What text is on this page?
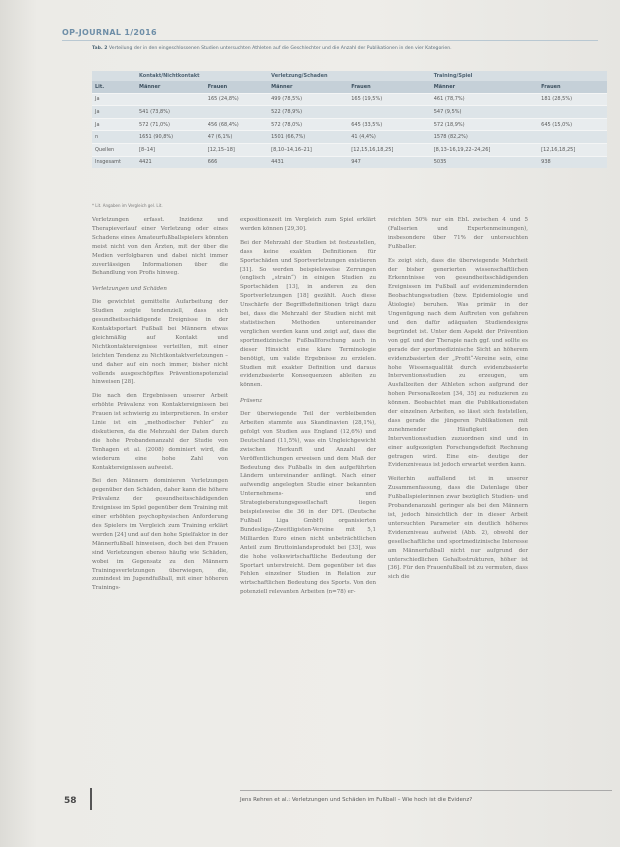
OP-JOURNAL 1/2016
Tab. 2 Verteilung der in den eingeschlossenen Studien untersuchten Athleten auf die Geschlechter und die Anzahl der Publikationen in den vier Kategorien.
	Kontakt/Nichtkontakt		Verletzung/Schaden		Training/Spiel	
Lit.	Männer	Frauen	Männer	Frauen	Männer	Frauen
Ja		165 (24,8%)	499 (78,5%)	165 (19,5%)	461 (78,7%)	181 (28,5%)
Ja	541 (73,8%)		522 (78,9%)		547 (9,5%)	
Ja	572 (71,0%)	456 (68,4%)	572 (78,0%)	645 (33,5%)	572 (18,9%)	645 (15,0%)
n	1651 (90,8%)	47 (6,1%)	1501 (66,7%)	41 (4,4%)	1578 (82,2%)	
Quellen	[8–14]	[12,15–18]	[8,10–14,16–21]	[12,15,16,18,25]	[8,13–16,19,22–24,26]	[12,16,18,25]
Insgesamt	4421	666	4431	947	5035	938
* Lit. Angaben im Vergleich gel. Lit.

Verletzungen erfasst. Inzidenz und Therapieverlauf einer Verletzung oder eines Schadens eines Amateurfußballspielers könnten meist nicht von den Ärzten, mit der über die Medien verfolgbaren und dabei nicht immer zuverlässigen Informationen über die Behandlung von Profis hinweg.

Verletzungen und Schäden

Die gewichtet gemittelte Aufarbeitung der Studien zeigte tendenziell, dass sich gesundheitsschädigende Ereignisse in der Kontaktsportart Fußball bei Männern etwas gleichmäßig auf Kontakt und Nichtkontaktereignisse verteilten, mit einer leichten Tendenz zu Nichtkontaktverletzungen – und daher auf ein noch immer, bisher nicht vollends ausgeschöpftes Präventionspotenzial hinweisen [28].

Die nach den Ergebnissen unserer Arbeit erhöhte Prävalenz von Kontaktereignissen bei Frauen ist schwierig zu interpretieren. In erster Linie ist ein „methodischer Fehler“ zu diskutieren, da die Mehrzahl der Daten durch die hohe Probandenanzahl der Studie von Tenhagen et al. (2008) dominiert wird, die wiederum eine hohe Zahl von Kontaktereignissen aufweist.

Bei den Männern dominieren Verletzungen gegenüber den Schäden, daher kann die höhere Prävalenz der gesundheitsschädigenden Ereignisse im Spiel gegenüber dem Training mit einer erhöhten psychophysischen Anforderung des Spielers im Vergleich zum Training erklärt werden [24] und auf den hohe Spielfaktor in der Männerfußball hinweisen, doch bei den Frauen sind Verletzungen ebenso häufig wie Schäden, wobei im Gegensatz zu den Männern Trainingsverletzungen überwiegen, die, zumindest im Jugendfußball, mit einer höheren Trainings-

expositionszeit im Vergleich zum Spiel erklärt werden können [29,30].

Bei der Mehrzahl der Studien ist festzustellen, dass keine exakten Definitionen für Sportschäden und Sportverletzungen existieren [31]. So werden beispielsweise Zerrungen (englisch „strain“) in einigen Studien zu Sportschäden [13], in anderen zu den Sportverletzungen [18] gezählt. Auch diese Unschärfe der Begriffsdefinitionen trägt dazu bei, dass die Mehrzahl der Studien nicht mit statistischen Methoden untereinander verglichen werden kann und zeigt auf, dass die sportmedizinische Fußballforschung auch in dieser Hinsicht eine klare Terminologie benötigt, um valide Ergebnisse zu erzielen. Studien mit exakter Definition und daraus evidenzbasierte Konsequenzen ableiten zu können.

Präsenz

Der überwiegende Teil der verbleibenden Arbeiten stammte aus Skandinavien (28,1%), gefolgt von Studien aus England (12,6%) und Deutschland (11,5%), was ein Ungleichgewicht zwischen Herkunft und Anzahl der Veröffentlichungen erweisen und dem Maß der Bedeutung des Fußballs in den aufgeführten Ländern untereinander anfängt. Nach einer aufwendig angelegten Studie einer bekannten Unternehmens- und Strategieberatungsgesellschaft liegen beispielsweise die 36 in der DFL (Deutsche Fußball Liga GmbH) organisierten Bundesliga-/Zweitligisten-Vereine mit 5,1 Milliarden Euro einen nicht unbeträchtlichen Anteil zum Bruttoinlandsprodukt bei [33], was die hohe volkswirtschaftliche Bedeutung der Sportart unterstreicht. Dem gegenüber ist das Fehlen einzelner Studien in Relation zur wirtschaftlichen Bedeutung des Sports. Von den potenziell relevanten Arbeiten (n=78) er-

reichten 50% nur ein EbL zwischen 4 und 5 (Fallserien und Expertenmeinungen), insbesondere über 71% der untersuchten Fußballer.

Es zeigt sich, dass die überwiegende Mehrheit der bisher generierten wissenschaftlichen Erkenntnisse von gesundheitsschädigenden Ereignissen im Fußball auf evidenzmindernden Beobachtungsstudien (bzw. Epidemiologie und Ätiologie) beruhen. Was primär in der Ungenügung nach dem Auftreten von gefahren und den dafür adäquaten Studiendesigns begründet ist. Unter dem Aspekt der Prävention von ggf. und der Therapie nach ggf. und sollte es gerade der sportmedizinische Sicht an höherem evidenzbasierten der „Profit“-Vereine sein, eine hohe Wissensqualität durch evidenzbasierte Interventionsstudien zu erzeugen, um Ausfallzeiten der Athleten schon aufgrund der hohen Personalkosten [34, 35] zu reduzieren zu können. Beobachtet man die Publikationsdaten der einzelnen Arbeiten, so lässt sich feststellen, dass gerade die jüngeren Publikationen mit zunehmender Häufigkeit den Interventionsstudien zuzuordnen sind und in einer aufgezeigten Forschungsdefizit Rechnung getragen wird. Eine ein- deutige der Evidenzniveaus ist jedoch erwartet werden kann.

Weiterhin auffallend ist in unserer Zusammenfassung, dass die Datenlage über Fußballspielerinnen zwar bezüglich Studien- und Probandenanzahl geringer als bei den Männern ist, jedoch hinsichtlich der in dieser Arbeit untersuchten Parameter ein deutlich höheres Evidenzniveau aufweist (Abb. 2), obwohl der gesellschaftliche und sportmedizinische Interesse am Männerfußball nicht nur aufgrund der unterschiedlichen Gehaltsstrukturen, höher ist [36]. Für den Frauenfußball ist zu vermuten, dass sich die

58	Jens Rehren et al.: Verletzungen und Schäden im Fußball – Wie hoch ist die Evidenz?
